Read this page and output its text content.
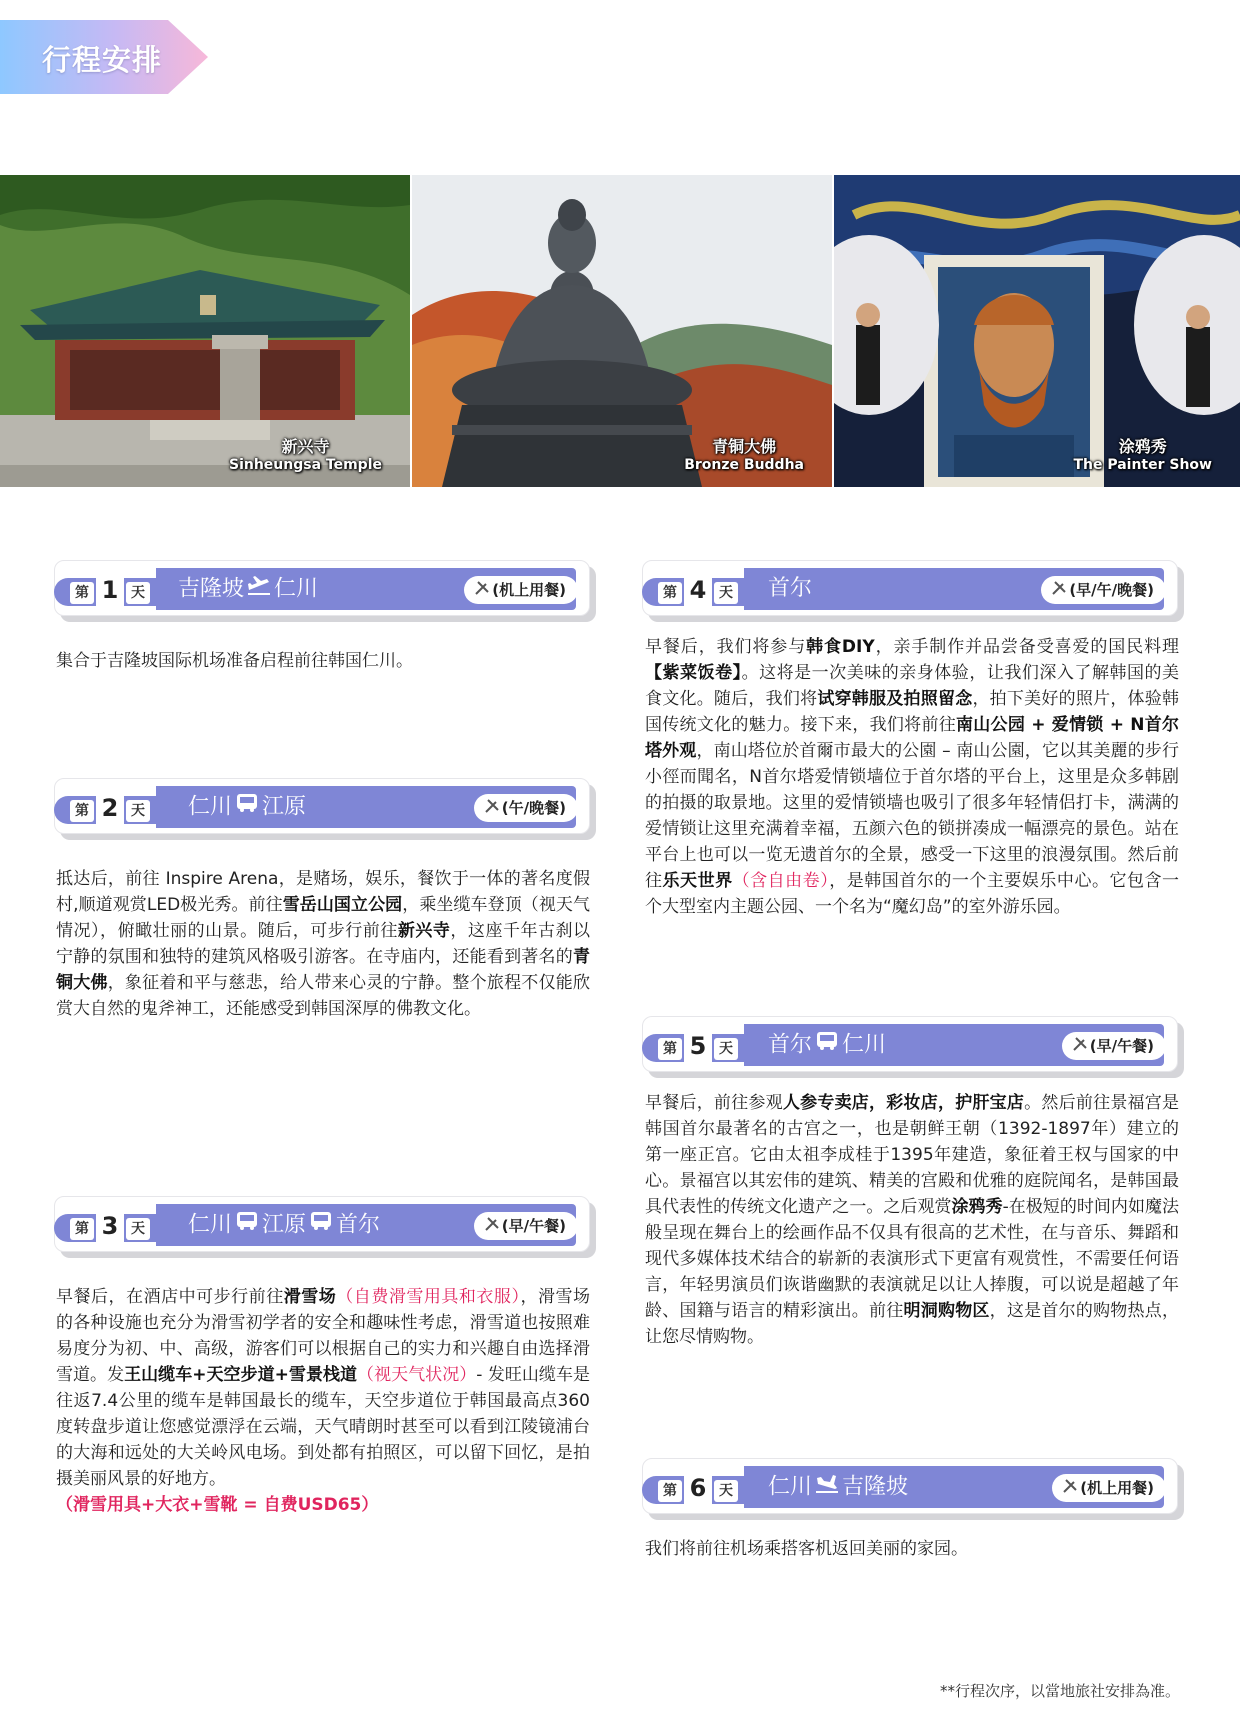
行程安排
新兴寺
Sinheungsa Temple
青铜大佛
Bronze Buddha
涂鸦秀
The Painter Show
第 1 天 吉隆坡 仁川	(机上用餐)
集合于吉隆坡国际机场准备启程前往韩国仁川。
第 2 天 仁川 江原	(午/晚餐)
抵达后，前往 Inspire Arena，是赌场，娱乐，餐饮于一体的著名度假村,顺道观赏LED极光秀。前往雪岳山国立公园，乘坐缆车登顶（视天气情况），俯瞰壮丽的山景。随后，可步行前往新兴寺，这座千年古刹以宁静的氛围和独特的建筑风格吸引游客。在寺庙内，还能看到著名的青铜大佛，象征着和平与慈悲，给人带来心灵的宁静。整个旅程不仅能欣赏大自然的鬼斧神工，还能感受到韩国深厚的佛教文化。
第 3 天 仁川 江原 首尔	(早/午餐)
早餐后，在酒店中可步行前往滑雪场（自费滑雪用具和衣服），滑雪场的各种设施也充分为滑雪初学者的安全和趣味性考虑，滑雪道也按照难易度分为初、中、高级，游客们可以根据自己的实力和兴趣自由选择滑雪道。发王山缆车+天空步道+雪景栈道（视天气状况）- 发旺山缆车是往返7.4公里的缆车是韩国最长的缆车，天空步道位于韩国最高点360度转盘步道让您感觉漂浮在云端，天气晴朗时甚至可以看到江陵镜浦台的大海和远处的大关岭风电场。到处都有拍照区，可以留下回忆，是拍摄美丽风景的好地方。
（滑雪用具+大衣+雪靴 = 自费USD65）
第 4 天 首尔	(早/午/晚餐)
早餐后，我们将参与韩食DIY，亲手制作并品尝备受喜爱的国民料理【紫菜饭卷】。这将是一次美味的亲身体验，让我们深入了解韩国的美食文化。随后，我们将试穿韩服及拍照留念，拍下美好的照片，体验韩国传统文化的魅力。接下来，我们将前往南山公园 + 爱情锁 + N首尔塔外观，南山塔位於首爾市最大的公園 – 南山公園，它以其美麗的步行小徑而聞名，N首尔塔爱情锁墙位于首尔塔的平台上，这里是众多韩剧的拍摄的取景地。这里的爱情锁墙也吸引了很多年轻情侣打卡，满满的爱情锁让这里充满着幸福，五颜六色的锁拼凑成一幅漂亮的景色。站在平台上也可以一览无遗首尔的全景，感受一下这里的浪漫氛围。然后前往乐天世界（含自由卷），是韩国首尔的一个主要娱乐中心。它包含一个大型室内主题公园、一个名为“魔幻岛”的室外游乐园。
第 5 天 首尔 仁川	(早/午餐)
早餐后，前往参观人参专卖店，彩妆店，护肝宝店。然后前往景福宫是韩国首尔最著名的古宫之一，也是朝鲜王朝（1392-1897年）建立的第一座正宫。它由太祖李成桂于1395年建造，象征着王权与国家的中心。景福宫以其宏伟的建筑、精美的宫殿和优雅的庭院闻名，是韩国最具代表性的传统文化遗产之一。之后观赏涂鸦秀-在极短的时间内如魔法般呈现在舞台上的绘画作品不仅具有很高的艺术性，在与音乐、舞蹈和现代多媒体技术结合的崭新的表演形式下更富有观赏性，不需要任何语言，年轻男演员们诙谐幽默的表演就足以让人捧腹，可以说是超越了年龄、国籍与语言的精彩演出。前往明洞购物区，这是首尔的购物热点，让您尽情购物。
第 6 天 仁川 吉隆坡	(机上用餐)
我们将前往机场乘搭客机返回美丽的家园。
**行程次序，以當地旅社安排為准。
